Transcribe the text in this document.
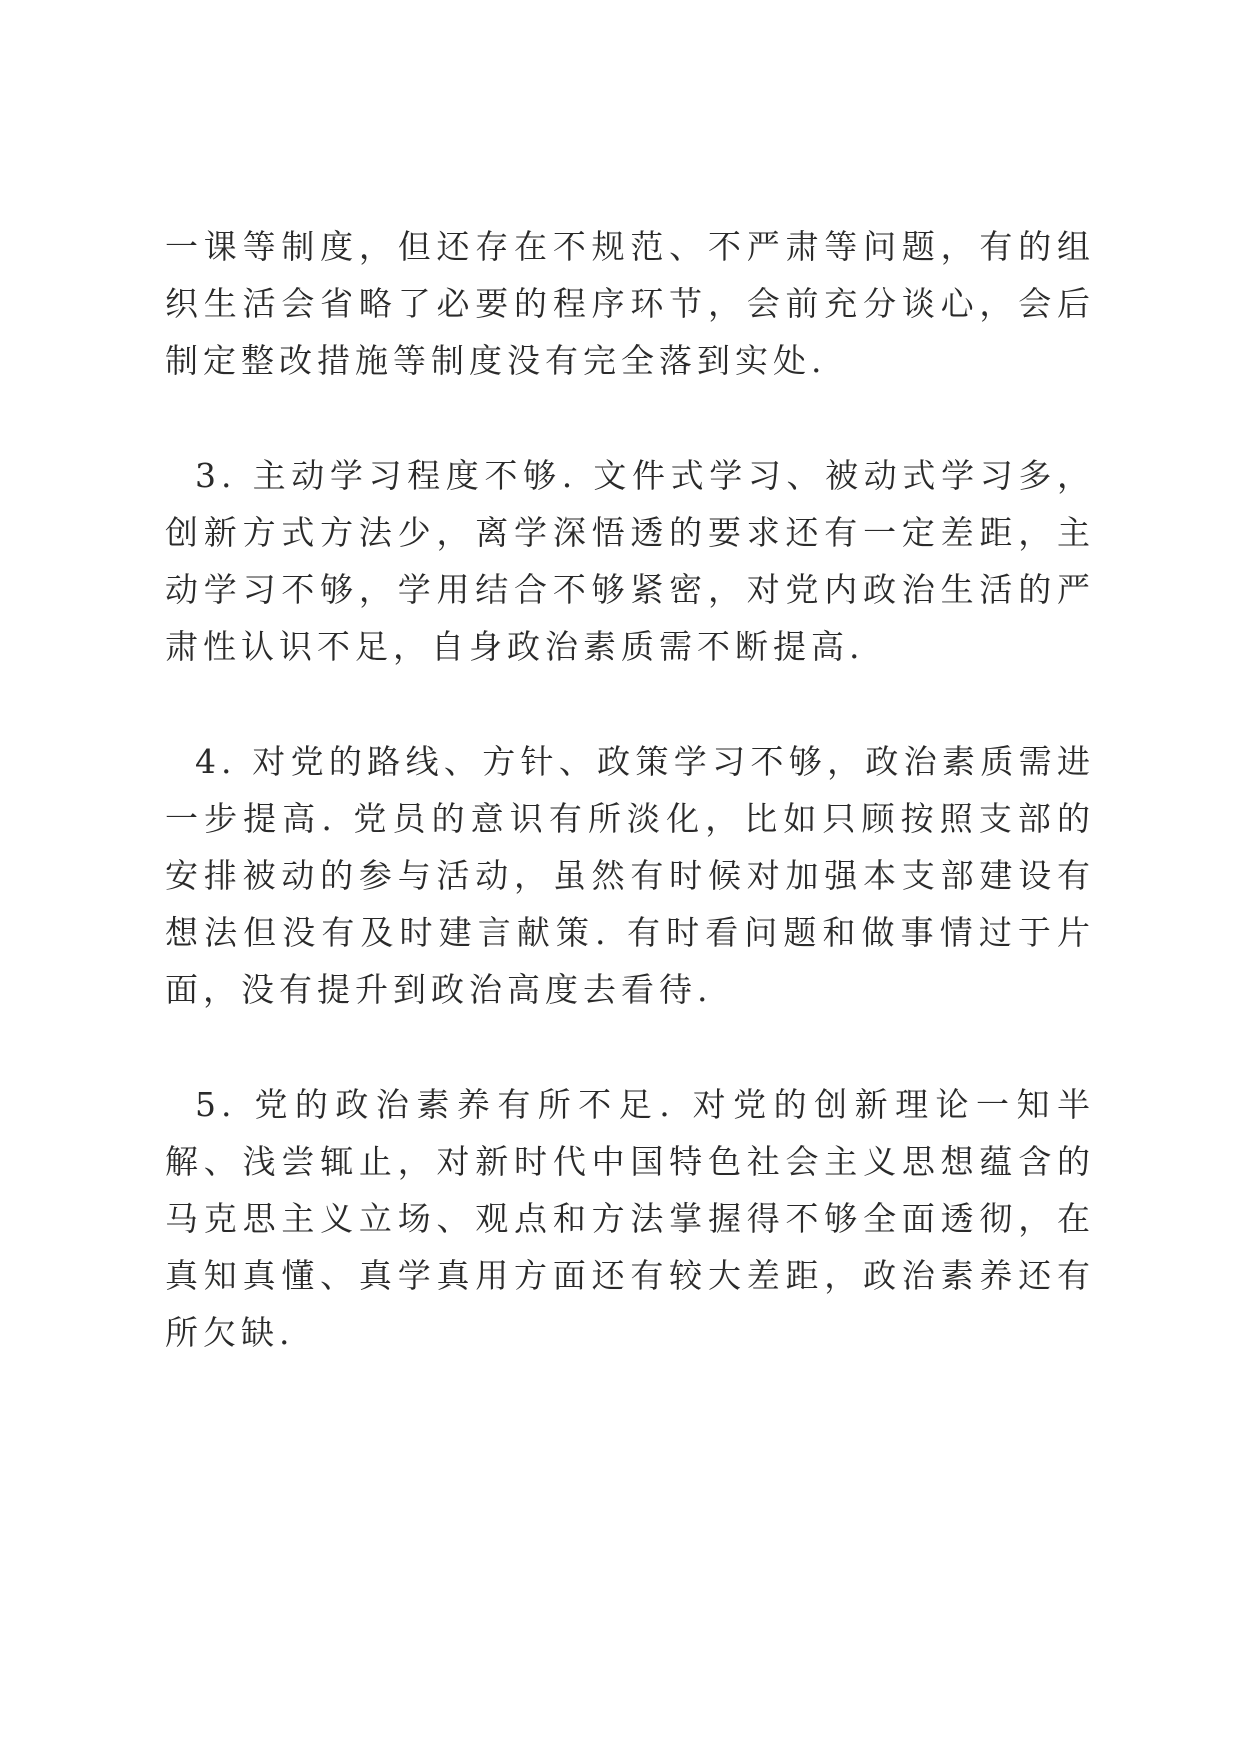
一课等制度，但还存在不规范、不严肃等问题，有的组织生活会省略了必要的程序环节，会前充分谈心，会后制定整改措施等制度没有完全落到实处.

3. 主动学习程度不够. 文件式学习、被动式学习多，创新方式方法少，离学深悟透的要求还有一定差距，主动学习不够，学用结合不够紧密，对党内政治生活的严肃性认识不足，自身政治素质需不断提高.

4. 对党的路线、方针、政策学习不够，政治素质需进一步提高. 党员的意识有所淡化，比如只顾按照支部的安排被动的参与活动，虽然有时候对加强本支部建设有想法但没有及时建言献策. 有时看问题和做事情过于片面，没有提升到政治高度去看待.

5. 党的政治素养有所不足. 对党的创新理论一知半解、浅尝辄止，对新时代中国特色社会主义思想蕴含的马克思主义立场、观点和方法掌握得不够全面透彻，在真知真懂、真学真用方面还有较大差距，政治素养还有所欠缺.
